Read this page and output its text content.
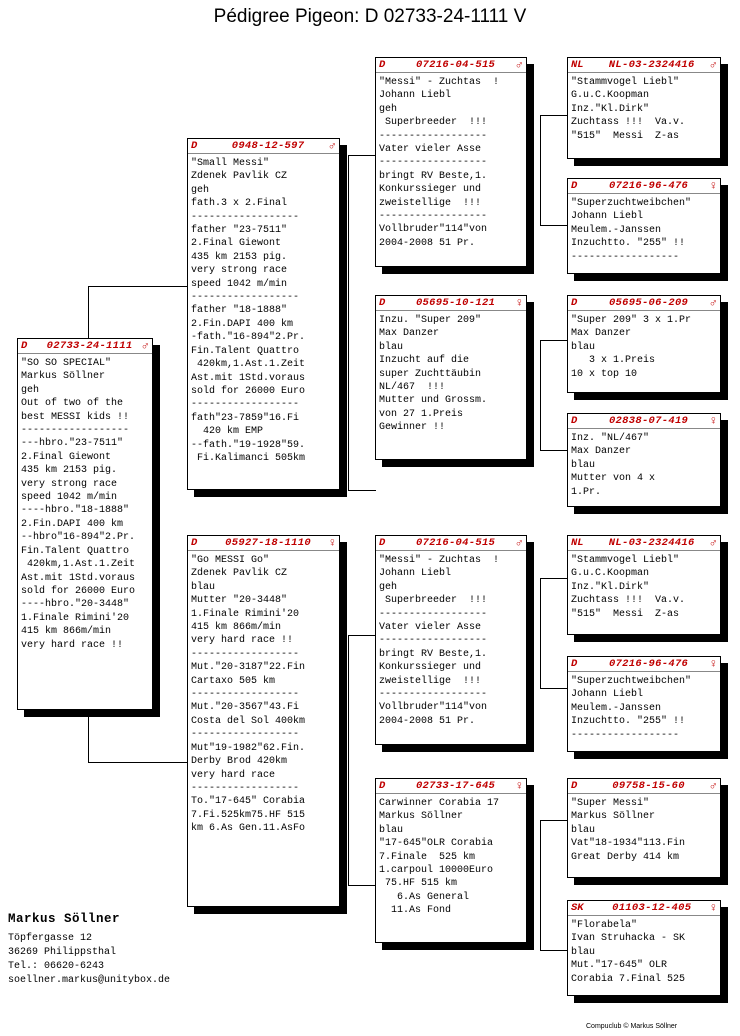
Pédigree Pigeon: D 02733-24-1111 V
D	02733-24-1111 ♂
"SO SO SPECIAL"
Markus Söllner
geh
Out of two of the
best MESSI kids !!
------------------
---hbro."23-7511"
2.Final Giewont
435 km 2153 pig.
very strong race
speed 1042 m/min
----hbro."18-1888"
2.Fin.DAPI 400 km
--hbro"16-894"2.Pr.
Fin.Talent Quattro
420km,1.Ast.1.Zeit
Ast.mit 1Std.voraus
sold for 26000 Euro
----hbro."20-3448"
1.Finale Rimini'20
415 km 866m/min
very hard race !!
D	0948-12-597	♂
"Small Messi"
Zdenek Pavlik CZ
geh
fath.3 x 2.Final
------------------
father "23-7511"
2.Final Giewont
435 km 2153 pig.
very strong race
speed 1042 m/min
------------------
father "18-1888"
2.Fin.DAPI 400 km
-fath."16-894"2.Pr.
Fin.Talent Quattro
420km,1.Ast.1.Zeit
Ast.mit 1Std.voraus
sold for 26000 Euro
------------------
fath"23-7859"16.Fi
420 km EMP
--fath."19-1928"59.
Fi.Kalimanci 505km
D	05927-18-1110	♀
"Go MESSI Go"
Zdenek Pavlik CZ
blau
Mutter "20-3448"
1.Finale Rimini'20
415 km 866m/min
very hard race !!
------------------
Mut."20-3187"22.Fin
Cartaxo 505 km
------------------
Mut."20-3567"43.Fi
Costa del Sol 400km
------------------
Mut"19-1982"62.Fin.
Derby Brod 420km
very hard race
------------------
To."17-645" Corabia
7.Fi.525km75.HF 515
km 6.As Gen.11.AsFo
D	07216-04-515	♂
"Messi" - Zuchtas  !
Johann Liebl
geh
Superbreeder  !!!
------------------
Vater vieler Asse
------------------
bringt RV Beste,1.
Konkurssieger und
zweistellige  !!!
------------------
Vollbruder"114"von
2004-2008 51 Pr.
D	05695-10-121	♀
Inzu. "Super 209"
Max Danzer
blau
Inzucht auf die
super Zuchttäubin
NL/467  !!!
Mutter und Grossm.
von 27 1.Preis
Gewinner !!
D	07216-04-515	♂
"Messi" - Zuchtas  !
Johann Liebl
geh
Superbreeder  !!!
------------------
Vater vieler Asse
------------------
bringt RV Beste,1.
Konkurssieger und
zweistellige  !!!
------------------
Vollbruder"114"von
2004-2008 51 Pr.
D	02733-17-645	♀
Carwinner Corabia 17
Markus Söllner
blau
"17-645"OLR Corabia
7.Finale  525 km
1.carpoul 10000Euro
75.HF 515 km
6.As General
11.As Fond
NL	NL-03-2324416	♂
"Stammvogel Liebl"
G.u.C.Koopman
Inz."Kl.Dirk"
Zuchtass !!!  Va.v.
"515"  Messi  Z-as
D	07216-96-476	♀
"Superzuchtweibchen"
Johann Liebl
Meulem.-Janssen
Inzuchtto. "255" !!
------------------
D	05695-06-209	♂
"Super 209" 3 x 1.Pr
Max Danzer
blau
3 x 1.Preis
10 x top 10
D	02838-07-419	♀
Inz. "NL/467"
Max Danzer
blau
Mutter von 4 x
1.Pr.
NL	NL-03-2324416	♂
"Stammvogel Liebl"
G.u.C.Koopman
Inz."Kl.Dirk"
Zuchtass !!!  Va.v.
"515"  Messi  Z-as
D	07216-96-476	♀
"Superzuchtweibchen"
Johann Liebl
Meulem.-Janssen
Inzuchtto. "255" !!
------------------
D	09758-15-60	♂
"Super Messi"
Markus Söllner
blau
Vat"18-1934"113.Fin
Great Derby 414 km
SK	01103-12-405	♀
"Florabela"
Ivan Struhacka - SK
blau
Mut."17-645" OLR
Corabia 7.Final 525
Markus Söllner
Töpfergasse 12
36269 Philippsthal
Tel.: 06620-6243
soellner.markus@unitybox.de
Compuclub © Markus Söllner
